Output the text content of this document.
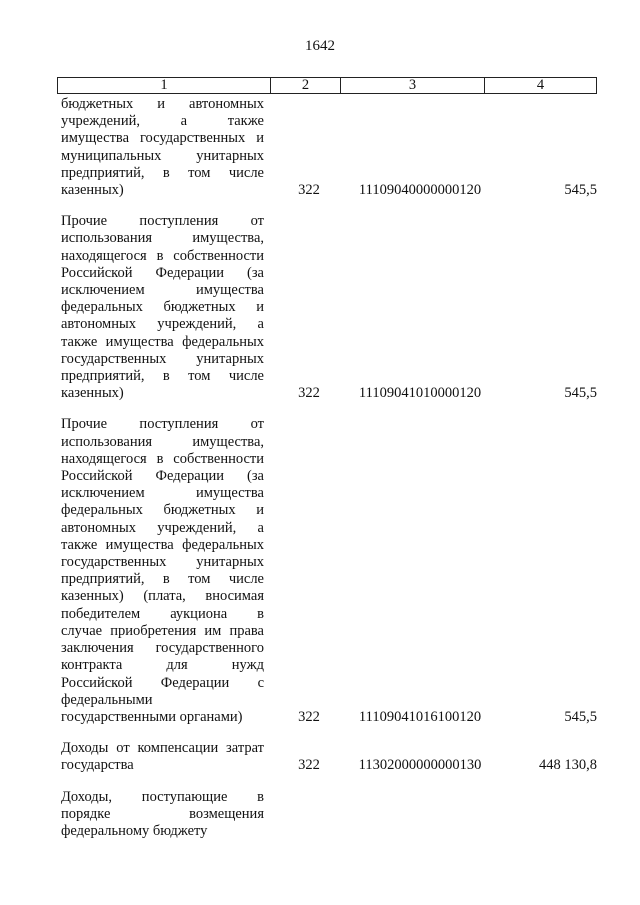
1642
1	2	3	4
бюджетных и автономных
учреждений, а также
имущества государственных и
муниципальных унитарных
предприятий, в том числе
казенных)	322	11109040000000120	545,5
Прочие поступления от
использования имущества,
находящегося в собственности
Российской Федерации (за
исключением имущества
федеральных бюджетных и
автономных учреждений, а
также имущества федеральных
государственных унитарных
предприятий, в том числе
казенных)	322	11109041010000120	545,5
Прочие поступления от
использования имущества,
находящегося в собственности
Российской Федерации (за
исключением имущества
федеральных бюджетных и
автономных учреждений, а
также имущества федеральных
государственных унитарных
предприятий, в том числе
казенных) (плата, вносимая
победителем аукциона в
случае приобретения им права
заключения государственного
контракта для нужд
Российской Федерации с
федеральными
государственными органами)	322	11109041016100120	545,5
Доходы от компенсации затрат
государства	322	11302000000000130	448 130,8
Доходы, поступающие в
порядке возмещения
федеральному бюджету
